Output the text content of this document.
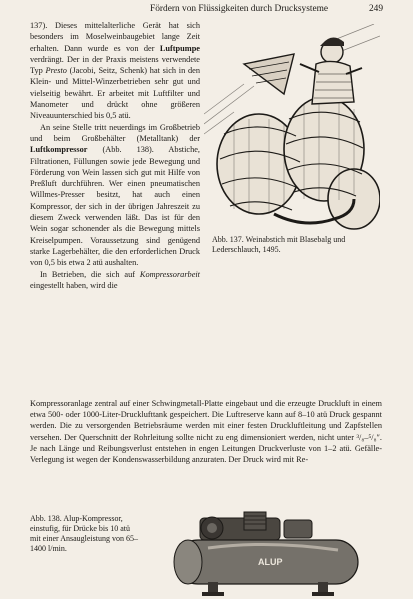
Fördern von Flüssigkeiten durch Drucksysteme	249

137). Dieses mittelalterliche Gerät hat sich besonders im Moselweinbaugebiet lange Zeit erhalten. Dann wurde es von der Luftpumpe verdrängt. Der in der Praxis meistens verwendete Typ Presto (Jacobi, Seitz, Schenk) hat sich in den Klein- und Mittel-Winzerbetrieben sehr gut und vielseitig bewährt. Er arbeitet mit Luftfilter und Manometer und drückt ohne größeren Niveauunterschied bis 0,5 atü.

An seine Stelle tritt neuerdings im Großbetrieb und beim Großbehälter (Metalltank) der Luftkompressor (Abb. 138). Abstiche, Filtrationen, Füllungen sowie jede Bewegung und Förderung von Wein lassen sich gut mit Hilfe von Preßluft durchführen. Wer einen pneumatischen Willmes-Presser besitzt, hat auch einen Kompressor, der sich in der übrigen Jahreszeit zu diesem Zweck verwenden läßt. Das ist für den Wein sogar schonender als die Bewegung mittels Kreiselpumpen. Voraussetzung sind genügend starke Lagerbehälter, die den erforderlichen Druck von 0,5 bis etwa 2 atü aushalten.

In Betrieben, die sich auf Kompressorarbeit eingestellt haben, wird die

Abb. 137. Weinabstich mit Blasebalg und Lederschlauch, 1495.

Kompressoranlage zentral auf einer Schwingmetall-Platte eingebaut und die erzeugte Druckluft in einem etwa 500- oder 1000-Liter-Drucklufttank gespeichert. Die Luftreserve kann auf 8–10 atü Druck gespannt werden. Die zu versorgenden Betriebsräume werden mit einer festen Druckluftleitung und Zapfstellen versehen. Der Querschnitt der Rohrleitung sollte nicht zu eng dimensioniert werden, nicht unter ³/₈–⁵/₈″. Je nach Länge und Reibungsverlust entstehen in engen Leitungen Druckverluste von 1–2 atü. Gefälle-Verlegung ist wegen der Kondenswasserbildung anzuraten. Der Druck wird mit Re-

Abb. 138. Alup-Kompressor, einstufig, für Drücke bis 10 atü mit einer Ansaugleistung von 65–1400 l/min.
ALUP
